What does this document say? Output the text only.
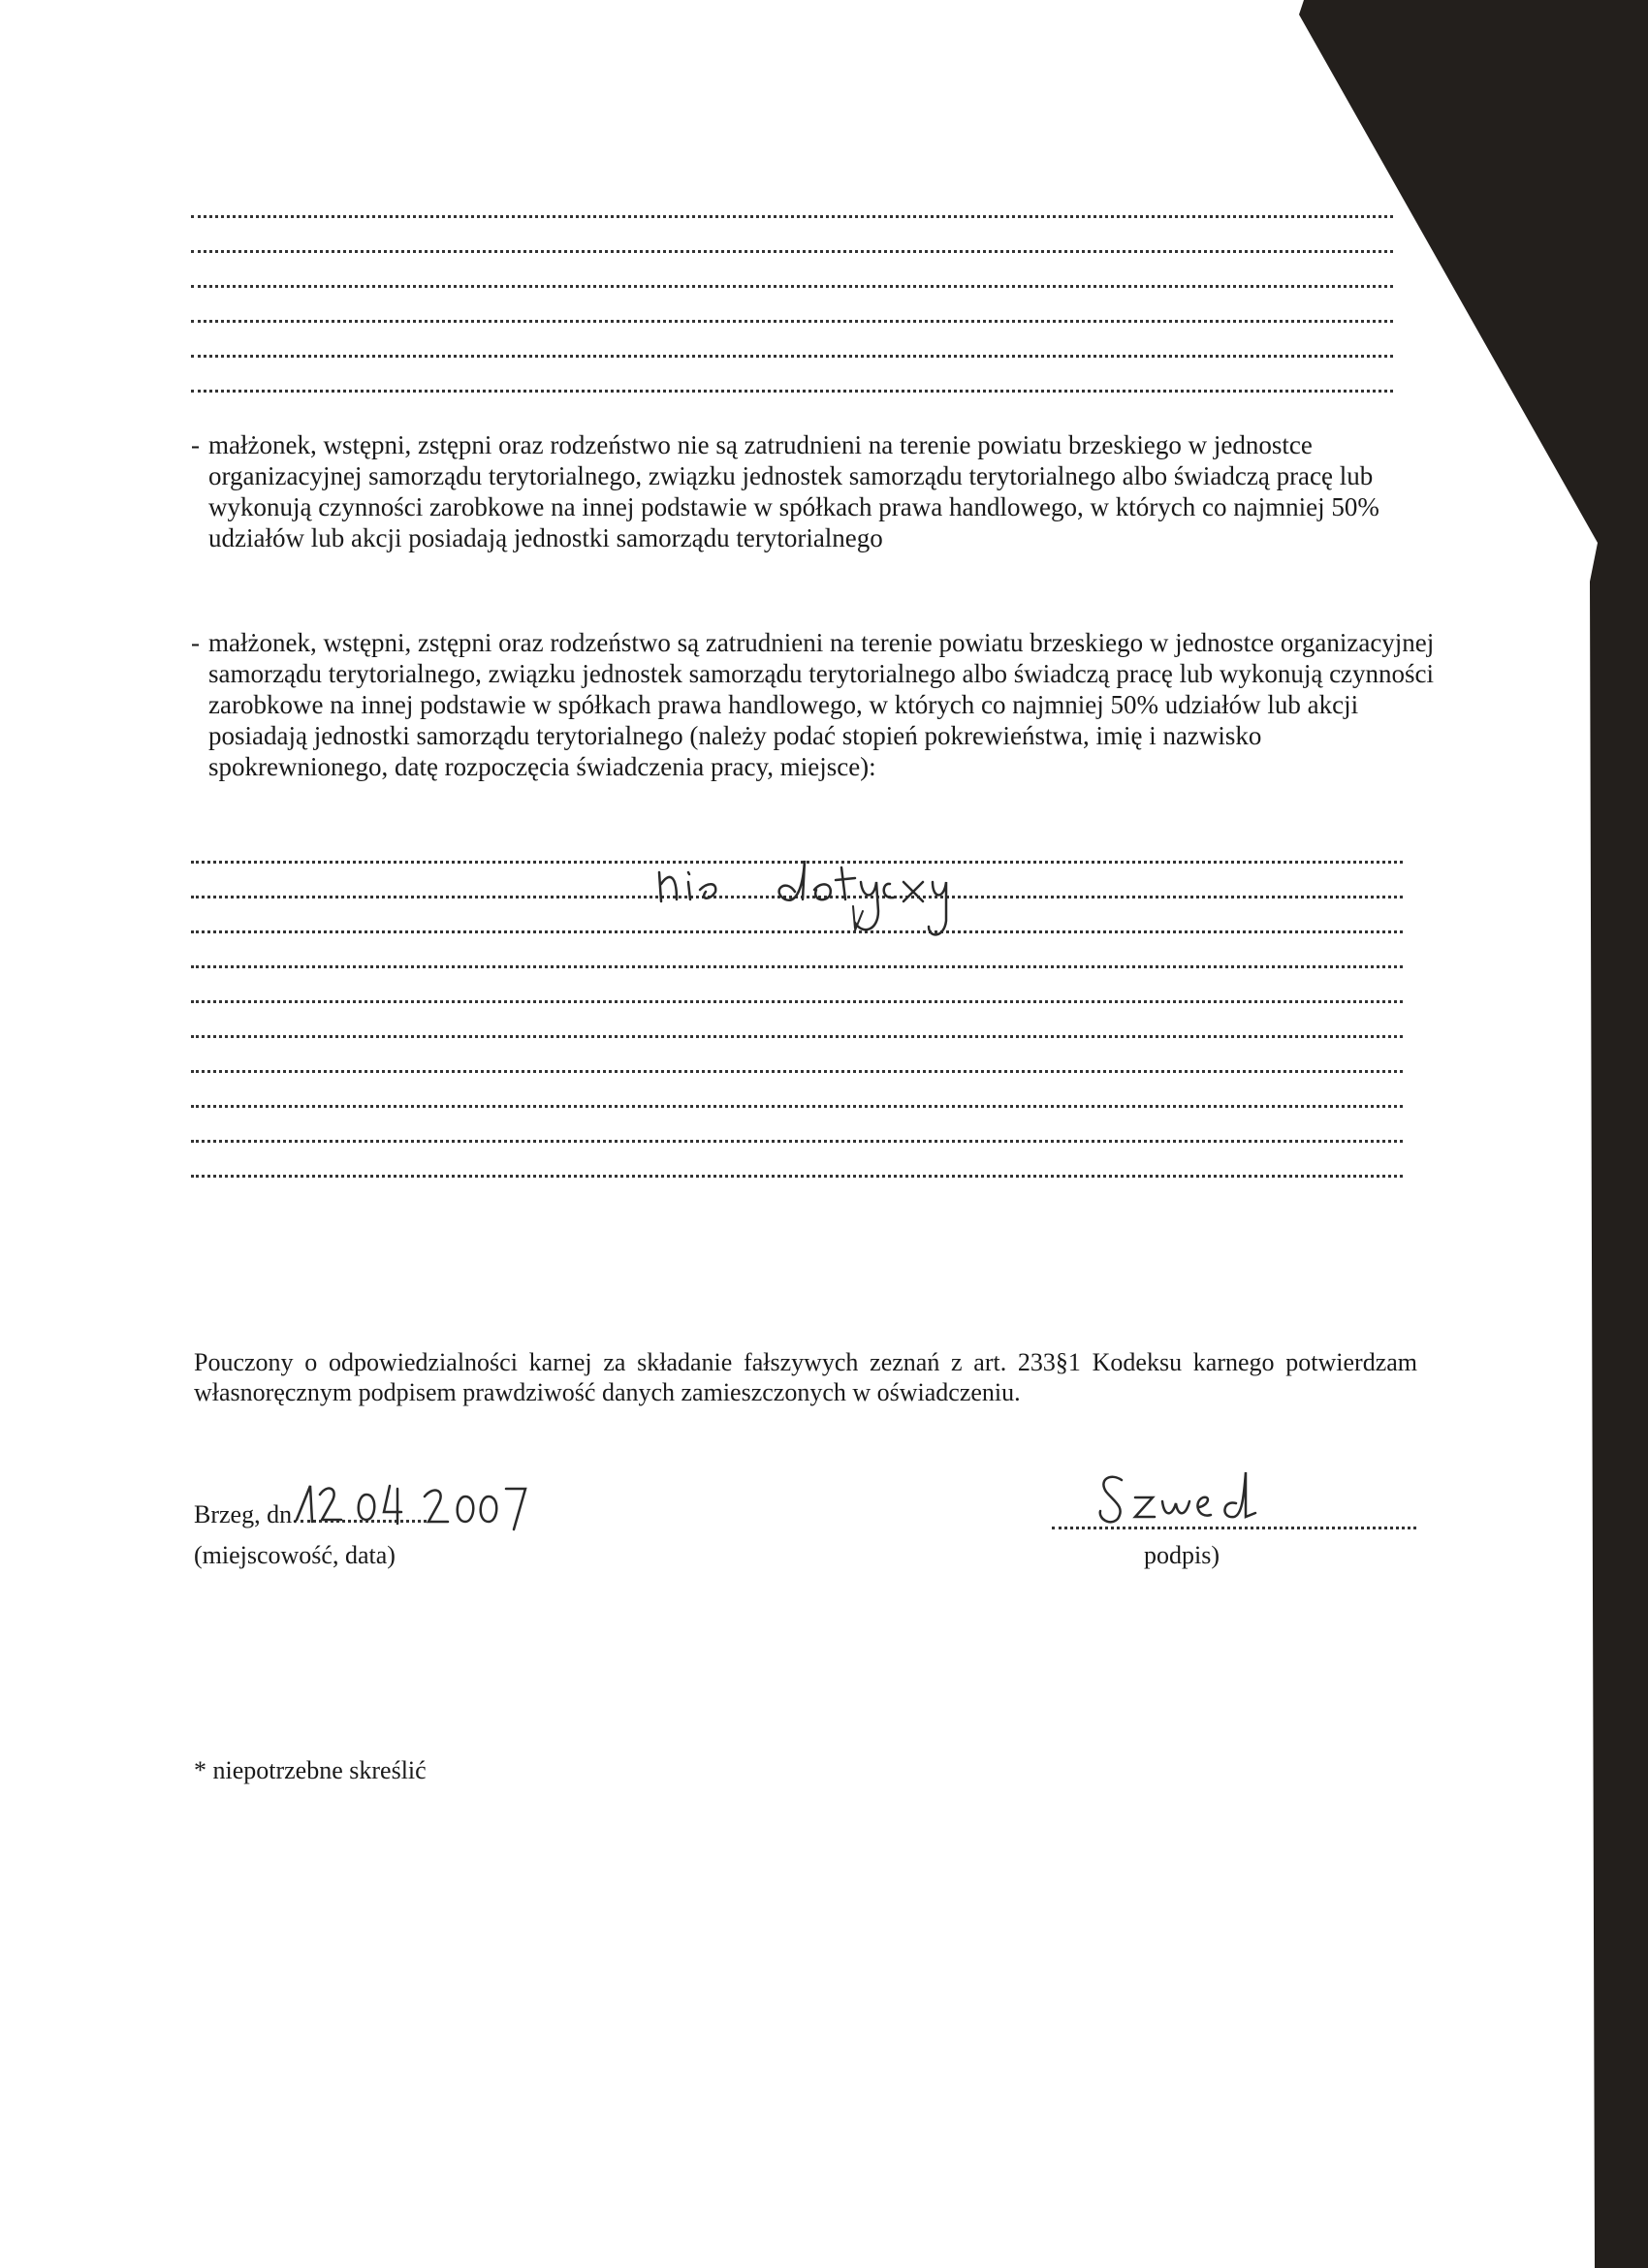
- małżonek, wstępni, zstępni oraz rodzeństwo nie są zatrudnieni na terenie powiatu brzeskiego w jednostce organizacyjnej samorządu terytorialnego, związku jednostek samorządu terytorialnego albo świadczą pracę lub wykonują czynności zarobkowe na innej podstawie w spółkach prawa handlowego, w których co najmniej 50% udziałów lub akcji posiadają jednostki samorządu terytorialnego
- małżonek, wstępni, zstępni oraz rodzeństwo są zatrudnieni na terenie powiatu brzeskiego w jednostce organizacyjnej samorządu terytorialnego, związku jednostek samorządu terytorialnego albo świadczą pracę lub wykonują czynności zarobkowe na innej podstawie w spółkach prawa handlowego, w których co najmniej 50% udziałów lub akcji posiadają jednostki samorządu terytorialnego (należy podać stopień pokrewieństwa, imię i nazwisko spokrewnionego, datę rozpoczęcia świadczenia pracy, miejsce):
Pouczony o odpowiedzialności karnej za składanie fałszywych zeznań z art. 233§1 Kodeksu karnego potwierdzam własnoręcznym podpisem prawdziwość danych zamieszczonych w oświadczeniu.
Brzeg, dn.
(miejscowość, data)	podpis)
* niepotrzebne skreślić
